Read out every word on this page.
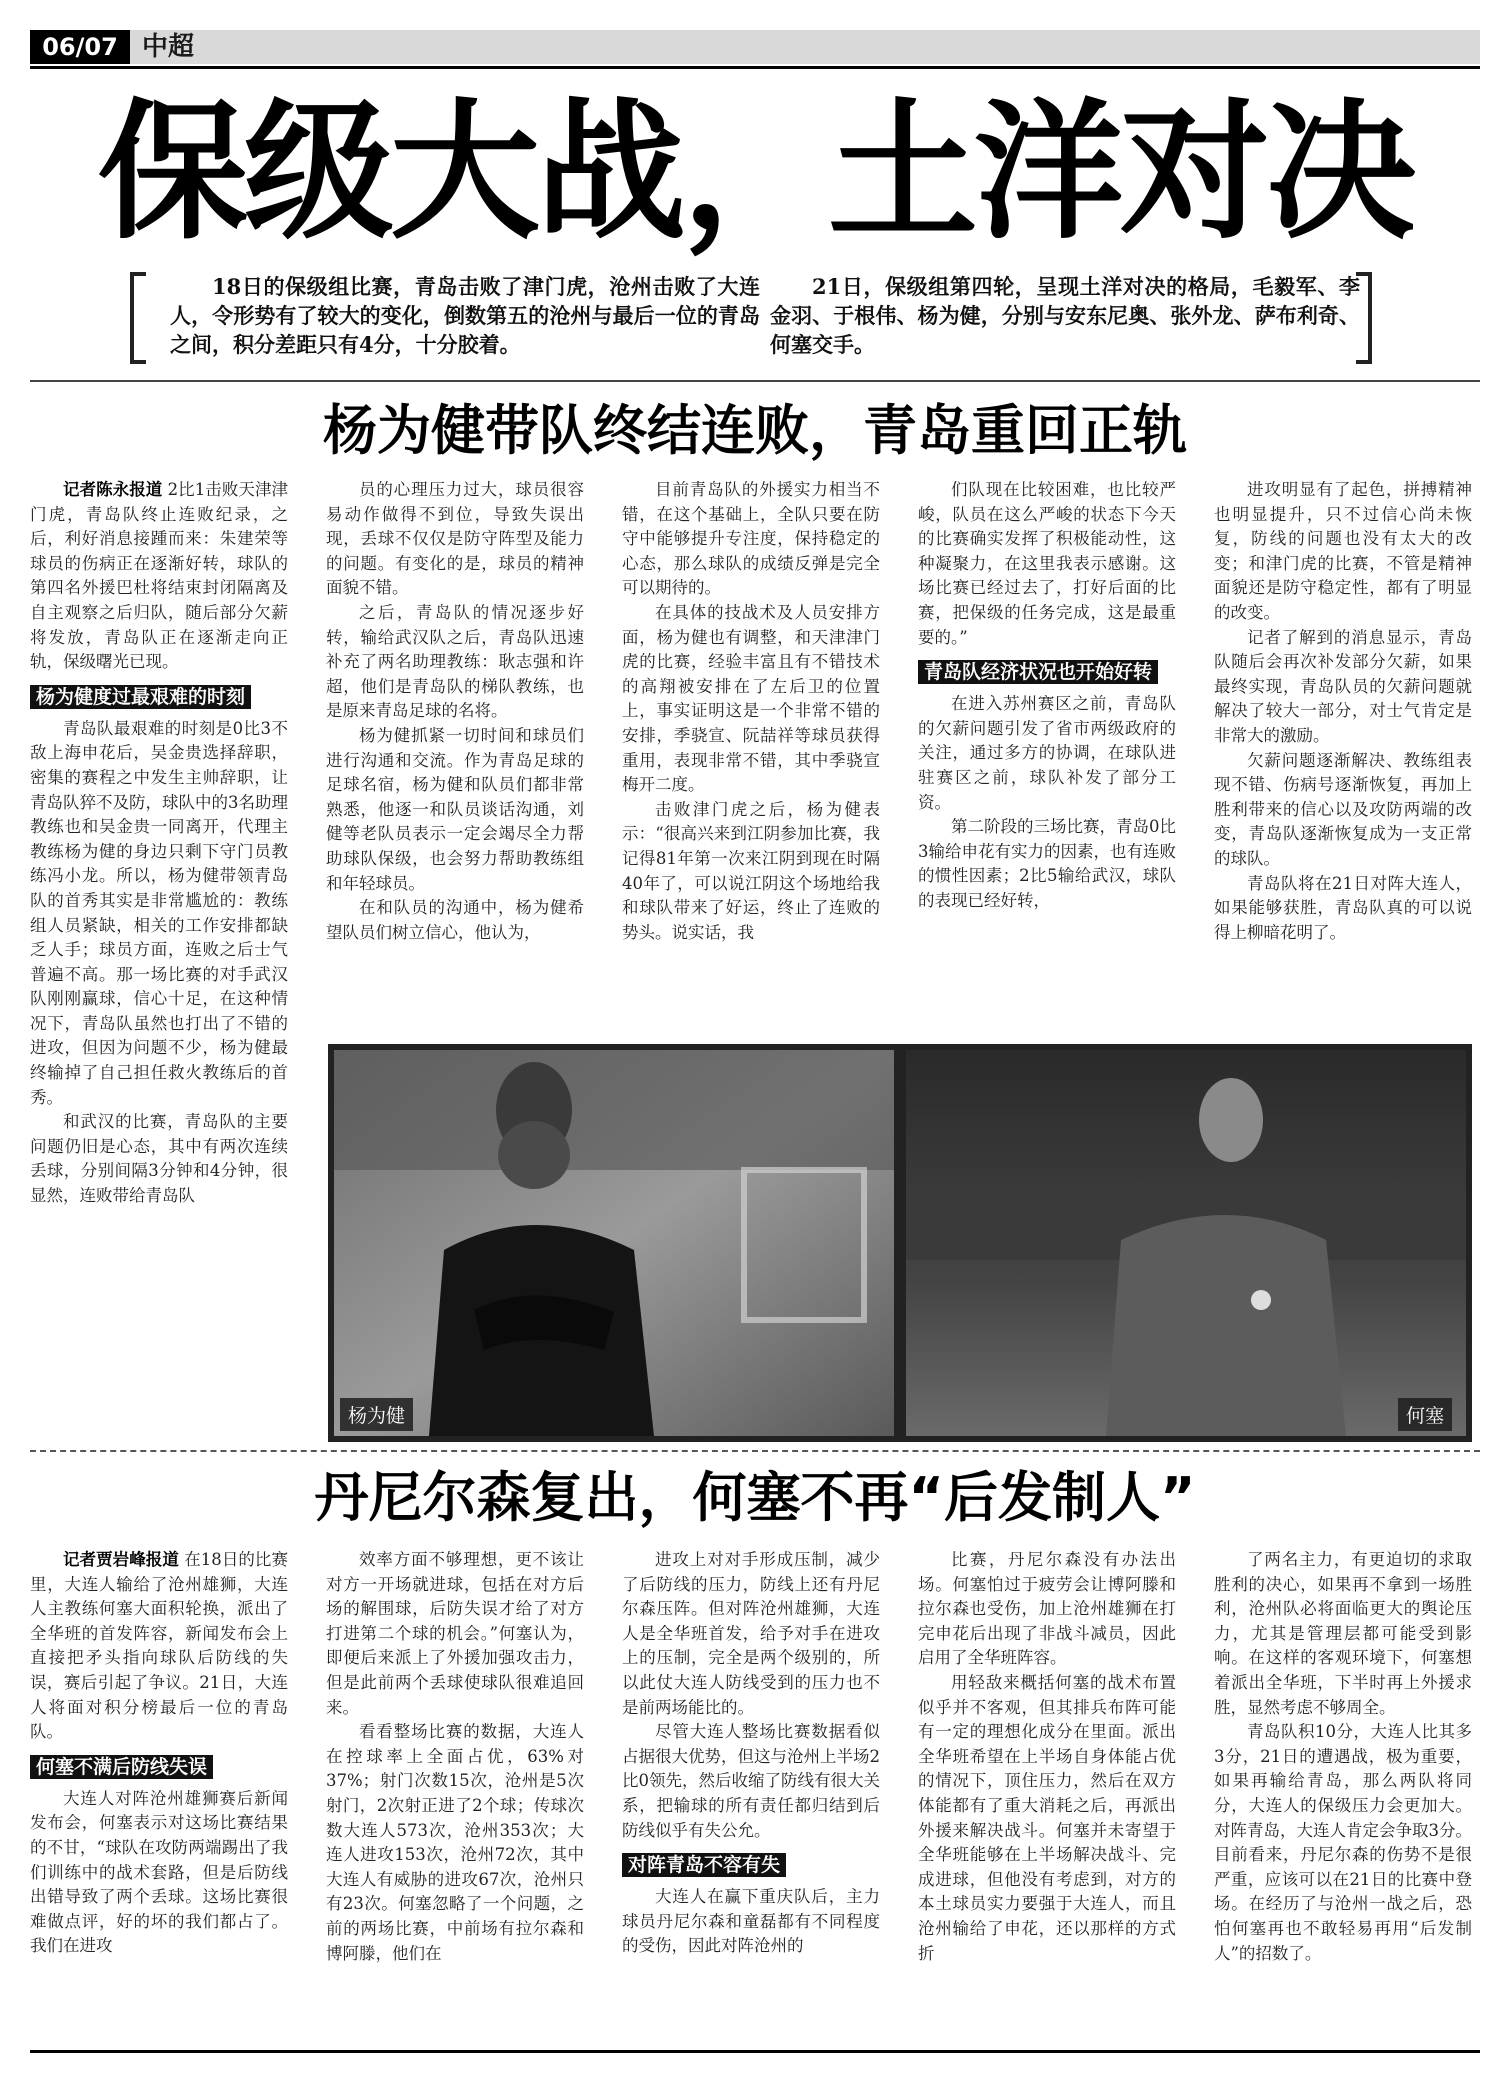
06/07 中超
保级大战，土洋对决
18日的保级组比赛，青岛击败了津门虎，沧州击败了大连人，令形势有了较大的变化，倒数第五的沧州与最后一位的青岛之间，积分差距只有4分，十分胶着。
21日，保级组第四轮，呈现土洋对决的格局，毛毅军、李金羽、于根伟、杨为健，分别与安东尼奥、张外龙、萨布利奇、何塞交手。
杨为健带队终结连败，青岛重回正轨

记者陈永报道 2比1击败天津津门虎，青岛队终止连败纪录，之后，利好消息接踵而来：朱建荣等球员的伤病正在逐渐好转，球队的第四名外援巴杜将结束封闭隔离及自主观察之后归队，随后部分欠薪将发放，青岛队正在逐渐走向正轨，保级曙光已现。

杨为健度过最艰难的时刻

青岛队最艰难的时刻是0比3不敌上海申花后，吴金贵选择辞职，密集的赛程之中发生主帅辞职，让青岛队猝不及防，球队中的3名助理教练也和吴金贵一同离开，代理主教练杨为健的身边只剩下守门员教练冯小龙。所以，杨为健带领青岛队的首秀其实是非常尴尬的：教练组人员紧缺，相关的工作安排都缺乏人手；球员方面，连败之后士气普遍不高。那一场比赛的对手武汉队刚刚赢球，信心十足，在这种情况下，青岛队虽然也打出了不错的进攻，但因为问题不少，杨为健最终输掉了自己担任救火教练后的首秀。

和武汉的比赛，青岛队的主要问题仍旧是心态，其中有两次连续丢球，分别间隔3分钟和4分钟，很显然，连败带给青岛队

员的心理压力过大，球员很容易动作做得不到位，导致失误出现，丢球不仅仅是防守阵型及能力的问题。有变化的是，球员的精神面貌不错。

之后，青岛队的情况逐步好转，输给武汉队之后，青岛队迅速补充了两名助理教练：耿志强和许超，他们是青岛队的梯队教练，也是原来青岛足球的名将。

杨为健抓紧一切时间和球员们进行沟通和交流。作为青岛足球的足球名宿，杨为健和队员们都非常熟悉，他逐一和队员谈话沟通，刘健等老队员表示一定会竭尽全力帮助球队保级，也会努力帮助教练组和年轻球员。

在和队员的沟通中，杨为健希望队员们树立信心，他认为，

目前青岛队的外援实力相当不错，在这个基础上，全队只要在防守中能够提升专注度，保持稳定的心态，那么球队的成绩反弹是完全可以期待的。

在具体的技战术及人员安排方面，杨为健也有调整，和天津津门虎的比赛，经验丰富且有不错技术的高翔被安排在了左后卫的位置上，事实证明这是一个非常不错的安排，季骁宣、阮喆祥等球员获得重用，表现非常不错，其中季骁宣梅开二度。

击败津门虎之后，杨为健表示：“很高兴来到江阴参加比赛，我记得81年第一次来江阴到现在时隔40年了，可以说江阴这个场地给我和球队带来了好运，终止了连败的势头。说实话，我

们队现在比较困难，也比较严峻，队员在这么严峻的状态下今天的比赛确实发挥了积极能动性，这种凝聚力，在这里我表示感谢。这场比赛已经过去了，打好后面的比赛，把保级的任务完成，这是最重要的。”

青岛队经济状况也开始好转

在进入苏州赛区之前，青岛队的欠薪问题引发了省市两级政府的关注，通过多方的协调，在球队进驻赛区之前，球队补发了部分工资。

第二阶段的三场比赛，青岛0比3输给申花有实力的因素，也有连败的惯性因素；2比5输给武汉，球队的表现已经好转，

进攻明显有了起色，拼搏精神也明显提升，只不过信心尚未恢复，防线的问题也没有太大的改变；和津门虎的比赛，不管是精神面貌还是防守稳定性，都有了明显的改变。

记者了解到的消息显示，青岛队随后会再次补发部分欠薪，如果最终实现，青岛队员的欠薪问题就解决了较大一部分，对士气肯定是非常大的激励。

欠薪问题逐渐解决、教练组表现不错、伤病号逐渐恢复，再加上胜利带来的信心以及攻防两端的改变，青岛队逐渐恢复成为一支正常的球队。

青岛队将在21日对阵大连人，如果能够获胜，青岛队真的可以说得上柳暗花明了。

杨为健	何塞
丹尼尔森复出，何塞不再“后发制人”

记者贾岩峰报道 在18日的比赛里，大连人输给了沧州雄狮，大连人主教练何塞大面积轮换，派出了全华班的首发阵容，新闻发布会上直接把矛头指向球队后防线的失误，赛后引起了争议。21日，大连人将面对积分榜最后一位的青岛队。

何塞不满后防线失误

大连人对阵沧州雄狮赛后新闻发布会，何塞表示对这场比赛结果的不甘，“球队在攻防两端踢出了我们训练中的战术套路，但是后防线出错导致了两个丢球。这场比赛很难做点评，好的坏的我们都占了。我们在进攻

效率方面不够理想，更不该让对方一开场就进球，包括在对方后场的解围球，后防失误才给了对方打进第二个球的机会。”何塞认为，即便后来派上了外援加强攻击力，但是此前两个丢球使球队很难追回来。

看看整场比赛的数据，大连人在控球率上全面占优，63%对37%；射门次数15次，沧州是5次射门，2次射正进了2个球；传球次数大连人573次，沧州353次；大连人进攻153次，沧州72次，其中大连人有威胁的进攻67次，沧州只有23次。何塞忽略了一个问题，之前的两场比赛，中前场有拉尔森和博阿滕，他们在

进攻上对对手形成压制，减少了后防线的压力，防线上还有丹尼尔森压阵。但对阵沧州雄狮，大连人是全华班首发，给予对手在进攻上的压制，完全是两个级别的，所以此仗大连人防线受到的压力也不是前两场能比的。

尽管大连人整场比赛数据看似占据很大优势，但这与沧州上半场2比0领先，然后收缩了防线有很大关系，把输球的所有责任都归结到后防线似乎有失公允。

对阵青岛不容有失

大连人在赢下重庆队后，主力球员丹尼尔森和童磊都有不同程度的受伤，因此对阵沧州的

比赛，丹尼尔森没有办法出场。何塞怕过于疲劳会让博阿滕和拉尔森也受伤，加上沧州雄狮在打完申花后出现了非战斗减员，因此启用了全华班阵容。

用轻敌来概括何塞的战术布置似乎并不客观，但其排兵布阵可能有一定的理想化成分在里面。派出全华班希望在上半场自身体能占优的情况下，顶住压力，然后在双方体能都有了重大消耗之后，再派出外援来解决战斗。何塞并未寄望于全华班能够在上半场解决战斗、完成进球，但他没有考虑到，对方的本土球员实力要强于大连人，而且沧州输给了申花，还以那样的方式折

了两名主力，有更迫切的求取胜利的决心，如果再不拿到一场胜利，沧州队必将面临更大的舆论压力，尤其是管理层都可能受到影响。在这样的客观环境下，何塞想着派出全华班，下半时再上外援求胜，显然考虑不够周全。

青岛队积10分，大连人比其多3分，21日的遭遇战，极为重要，如果再输给青岛，那么两队将同分，大连人的保级压力会更加大。对阵青岛，大连人肯定会争取3分。目前看来，丹尼尔森的伤势不是很严重，应该可以在21日的比赛中登场。在经历了与沧州一战之后，恐怕何塞再也不敢轻易再用“后发制人”的招数了。
